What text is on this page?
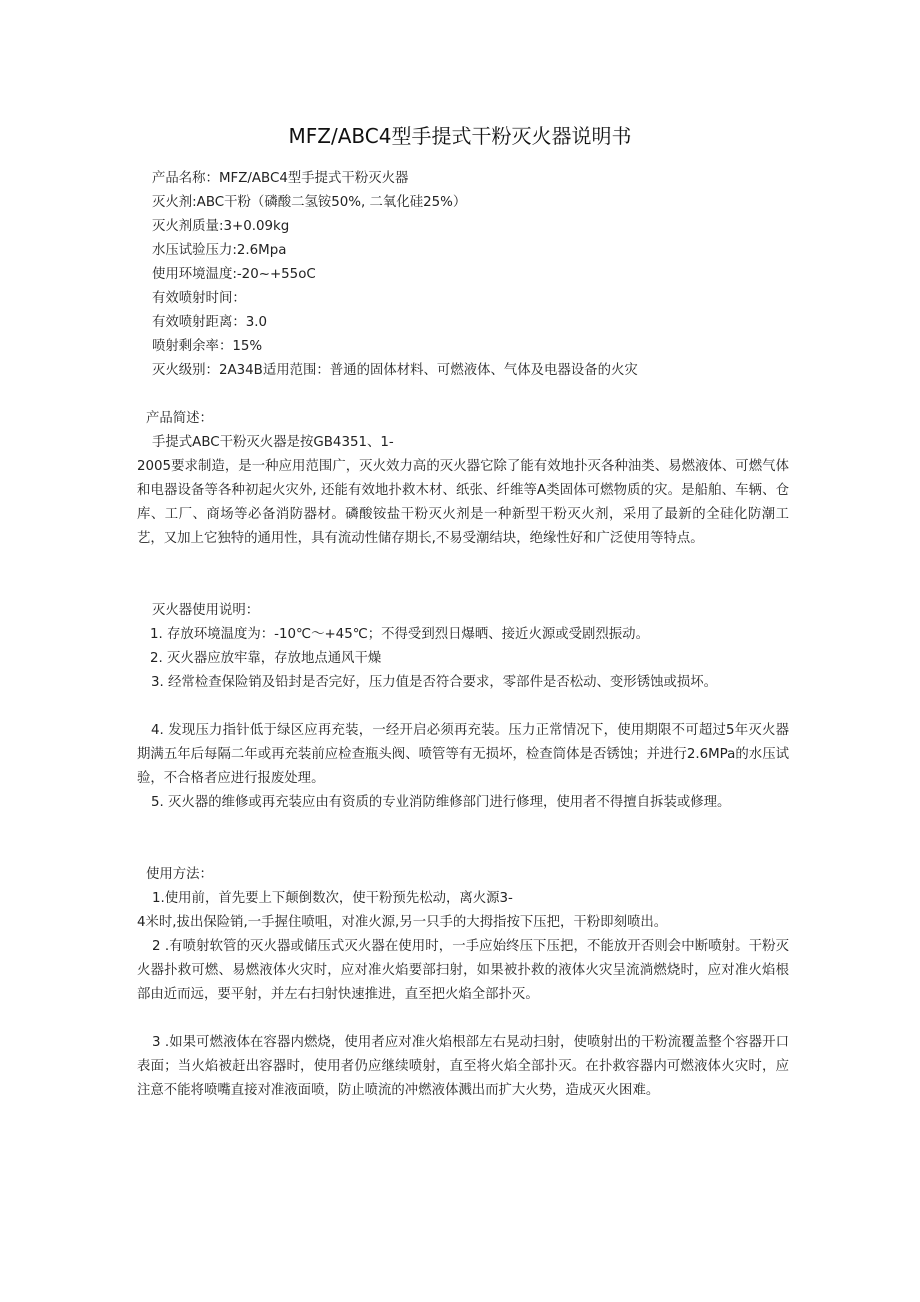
MFZ/ABC4型手提式干粉灭火器说明书
产品名称：MFZ/ABC4型手提式干粉灭火器
灭火剂:ABC干粉（磷酸二氢铵50%, 二氧化硅25%）
灭火剂质量:3+0.09kg
水压试验压力:2.6Mpa
使用环境温度:-20~+55oC
有效喷射时间：
有效喷射距离：3.0
喷射剩余率：15%
灭火级别：2A34B适用范围：普通的固体材料、可燃液体、气体及电器设备的火灾
产品简述：
手提式ABC干粉灭火器是按GB4351、1-
2005要求制造，是一种应用范围广，灭火效力高的灭火器它除了能有效地扑灭各种油类、易燃液体、可燃气体和电器设备等各种初起火灾外, 还能有效地扑救木材、纸张、纤维等A类固体可燃物质的灾。是船舶、车辆、仓库、工厂、商场等必备消防器材。磷酸铵盐干粉灭火剂是一种新型干粉灭火剂，采用了最新的全硅化防潮工艺，又加上它独特的通用性，具有流动性储存期长,不易受潮结块，绝缘性好和广泛使用等特点。
灭火器使用说明：
1. 存放环境温度为：-10℃～+45℃；不得受到烈日爆晒、接近火源或受剧烈振动。
2. 灭火器应放牢靠，存放地点通风干燥
3. 经常检查保险销及铅封是否完好，压力值是否符合要求，零部件是否松动、变形锈蚀或损坏。
4. 发现压力指针低于绿区应再充装，一经开启必须再充装。压力正常情况下，使用期限不可超过5年灭火器期满五年后每隔二年或再充装前应检查瓶头阀、喷管等有无损坏，检查筒体是否锈蚀；并进行2.6MPa的水压试验，不合格者应进行报废处理。
5. 灭火器的维修或再充装应由有资质的专业消防维修部门进行修理，使用者不得擅自拆装或修理。
使用方法：
1.使用前，首先要上下颠倒数次，使干粉预先松动，离火源3-
4米时,拔出保险销,一手握住喷咀，对准火源,另一只手的大拇指按下压把，干粉即刻喷出。
2 .有喷射软管的灭火器或储压式灭火器在使用时，一手应始终压下压把，不能放开否则会中断喷射。干粉灭火器扑救可燃、易燃液体火灾时，应对准火焰要部扫射，如果被扑救的液体火灾呈流淌燃烧时，应对准火焰根部由近而远，要平射，并左右扫射快速推进，直至把火焰全部扑灭。
3 .如果可燃液体在容器内燃烧，使用者应对准火焰根部左右晃动扫射，使喷射出的干粉流覆盖整个容器开口表面；当火焰被赶出容器时，使用者仍应继续喷射，直至将火焰全部扑灭。在扑救容器内可燃液体火灾时，应注意不能将喷嘴直接对准液面喷，防止喷流的冲燃液体溅出而扩大火势，造成灭火困难。
